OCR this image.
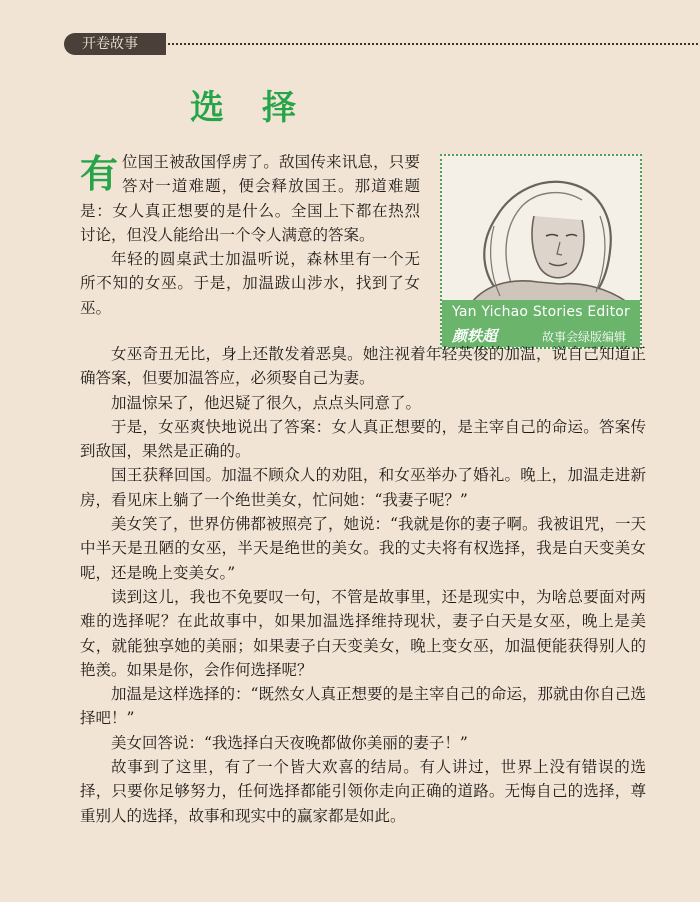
开卷故事
选择

有位国王被敌国俘虏了。敌国传来讯息，只要答对一道难题，便会释放国王。那道难题是：女人真正想要的是什么。全国上下都在热烈讨论，但没人能给出一个令人满意的答案。

年轻的圆桌武士加温听说，森林里有一个无所不知的女巫。于是，加温跋山涉水，找到了女巫。	Yan Yichao Stories Editor
颜轶超	故事会绿版编辑

女巫奇丑无比，身上还散发着恶臭。她注视着年轻英俊的加温，说自己知道正确答案，但要加温答应，必须娶自己为妻。

加温惊呆了，他迟疑了很久，点点头同意了。

于是，女巫爽快地说出了答案：女人真正想要的，是主宰自己的命运。答案传到敌国，果然是正确的。

国王获释回国。加温不顾众人的劝阻，和女巫举办了婚礼。晚上，加温走进新房，看见床上躺了一个绝世美女，忙问她：“我妻子呢？”

美女笑了，世界仿佛都被照亮了，她说：“我就是你的妻子啊。我被诅咒，一天中半天是丑陋的女巫，半天是绝世的美女。我的丈夫将有权选择，我是白天变美女呢，还是晚上变美女。”

读到这儿，我也不免要叹一句，不管是故事里，还是现实中，为啥总要面对两难的选择呢？在此故事中，如果加温选择维持现状，妻子白天是女巫，晚上是美女，就能独享她的美丽；如果妻子白天变美女，晚上变女巫，加温便能获得别人的艳羡。如果是你，会作何选择呢？

加温是这样选择的：“既然女人真正想要的是主宰自己的命运，那就由你自己选择吧！”

美女回答说：“我选择白天夜晚都做你美丽的妻子！”

故事到了这里，有了一个皆大欢喜的结局。有人讲过，世界上没有错误的选择，只要你足够努力，任何选择都能引领你走向正确的道路。无悔自己的选择，尊重别人的选择，故事和现实中的赢家都是如此。
